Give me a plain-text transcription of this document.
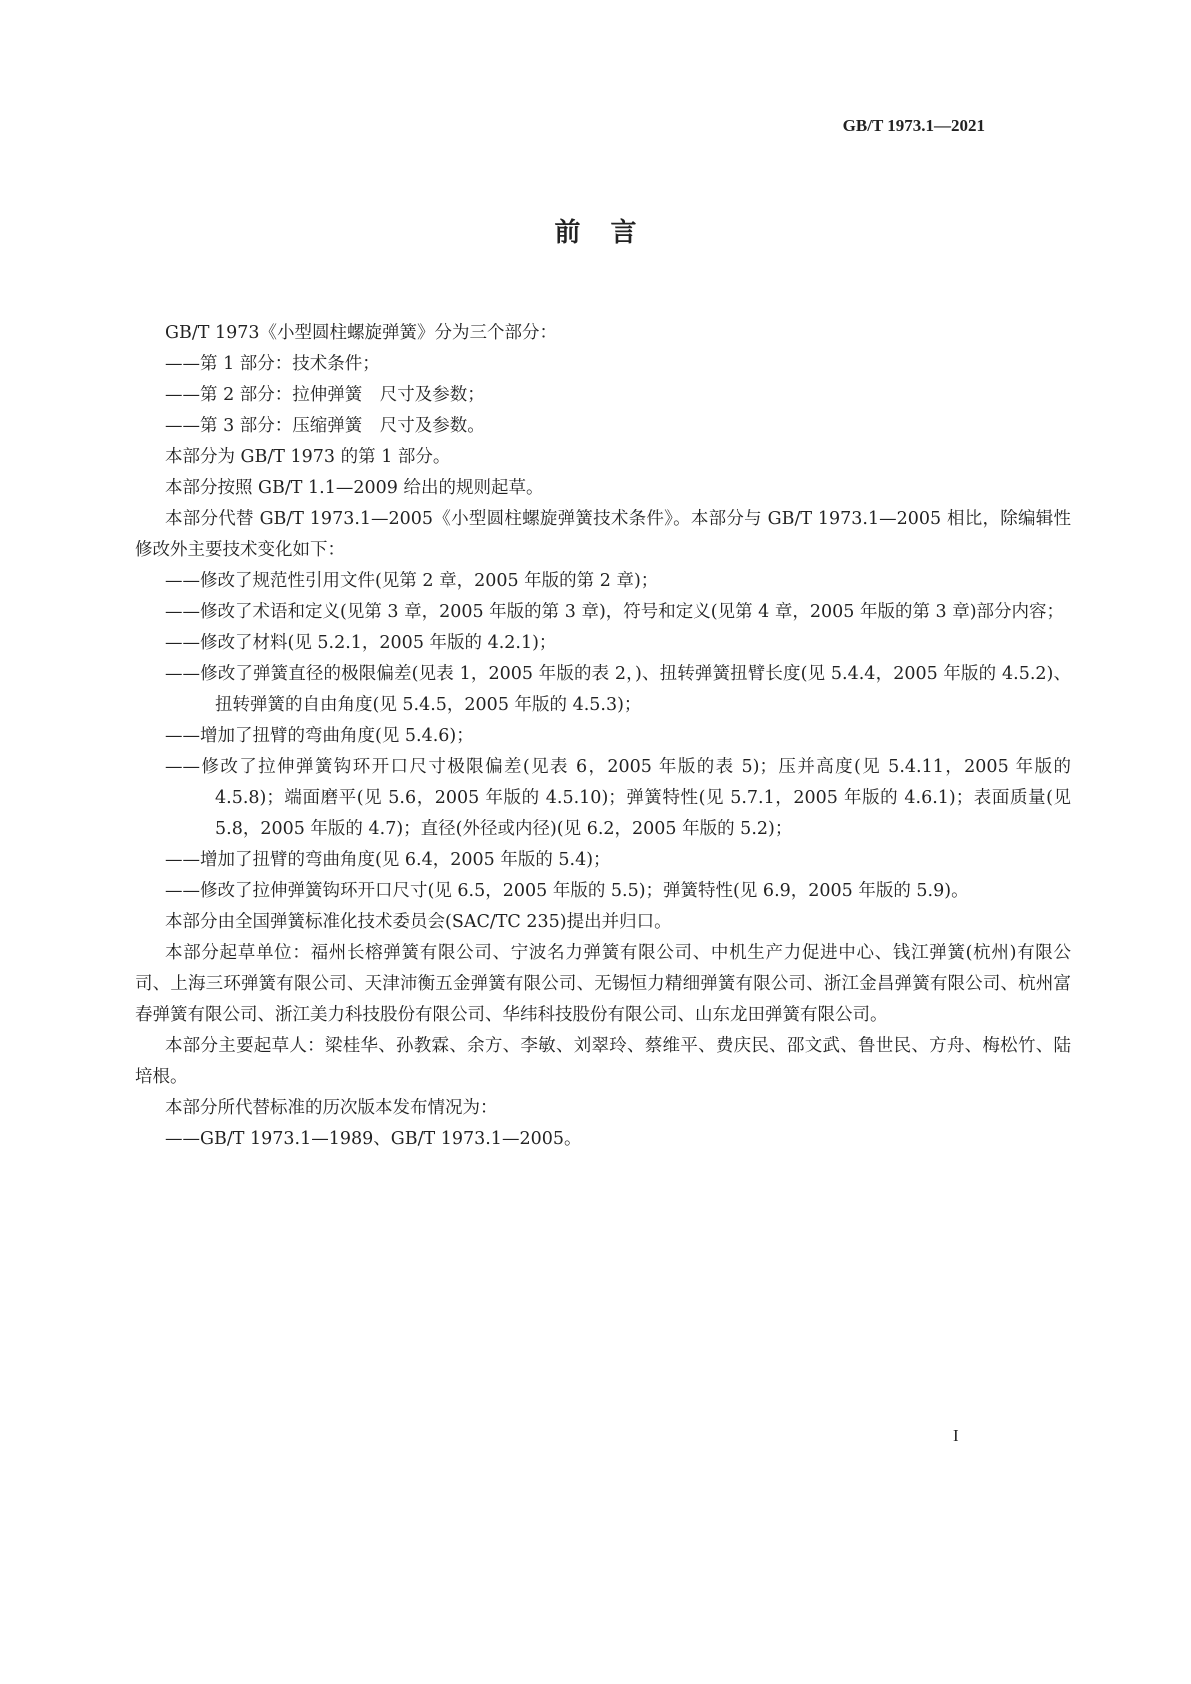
GB/T 1973.1—2021
前言

GB/T 1973《小型圆柱螺旋弹簧》分为三个部分：

——第 1 部分：技术条件；

——第 2 部分：拉伸弹簧　尺寸及参数；

——第 3 部分：压缩弹簧　尺寸及参数。

本部分为 GB/T 1973 的第 1 部分。

本部分按照 GB/T 1.1—2009 给出的规则起草。

本部分代替 GB/T 1973.1—2005《小型圆柱螺旋弹簧技术条件》。本部分与 GB/T 1973.1—2005 相比，除编辑性修改外主要技术变化如下：

——修改了规范性引用文件(见第 2 章，2005 年版的第 2 章)；

——修改了术语和定义(见第 3 章，2005 年版的第 3 章)，符号和定义(见第 4 章，2005 年版的第 3 章)部分内容；

——修改了材料(见 5.2.1，2005 年版的 4.2.1)；

——修改了弹簧直径的极限偏差(见表 1，2005 年版的表 2，)、扭转弹簧扭臂长度(见 5.4.4，2005 年版的 4.5.2)、扭转弹簧的自由角度(见 5.4.5，2005 年版的 4.5.3)；

——增加了扭臂的弯曲角度(见 5.4.6)；

——修改了拉伸弹簧钩环开口尺寸极限偏差(见表 6，2005 年版的表 5)；压并高度(见 5.4.11，2005 年版的 4.5.8)；端面磨平(见 5.6，2005 年版的 4.5.10)；弹簧特性(见 5.7.1，2005 年版的 4.6.1)；表面质量(见 5.8，2005 年版的 4.7)；直径(外径或内径)(见 6.2，2005 年版的 5.2)；

——增加了扭臂的弯曲角度(见 6.4，2005 年版的 5.4)；

——修改了拉伸弹簧钩环开口尺寸(见 6.5，2005 年版的 5.5)；弹簧特性(见 6.9，2005 年版的 5.9)。

本部分由全国弹簧标准化技术委员会(SAC/TC 235)提出并归口。

本部分起草单位：福州长榕弹簧有限公司、宁波名力弹簧有限公司、中机生产力促进中心、钱江弹簧(杭州)有限公司、上海三环弹簧有限公司、天津沛衡五金弹簧有限公司、无锡恒力精细弹簧有限公司、浙江金昌弹簧有限公司、杭州富春弹簧有限公司、浙江美力科技股份有限公司、华纬科技股份有限公司、山东龙田弹簧有限公司。

本部分主要起草人：梁桂华、孙教霖、余方、李敏、刘翠玲、蔡维平、费庆民、邵文武、鲁世民、方舟、梅松竹、陆培根。

本部分所代替标准的历次版本发布情况为：

——GB/T 1973.1—1989、GB/T 1973.1—2005。

I
